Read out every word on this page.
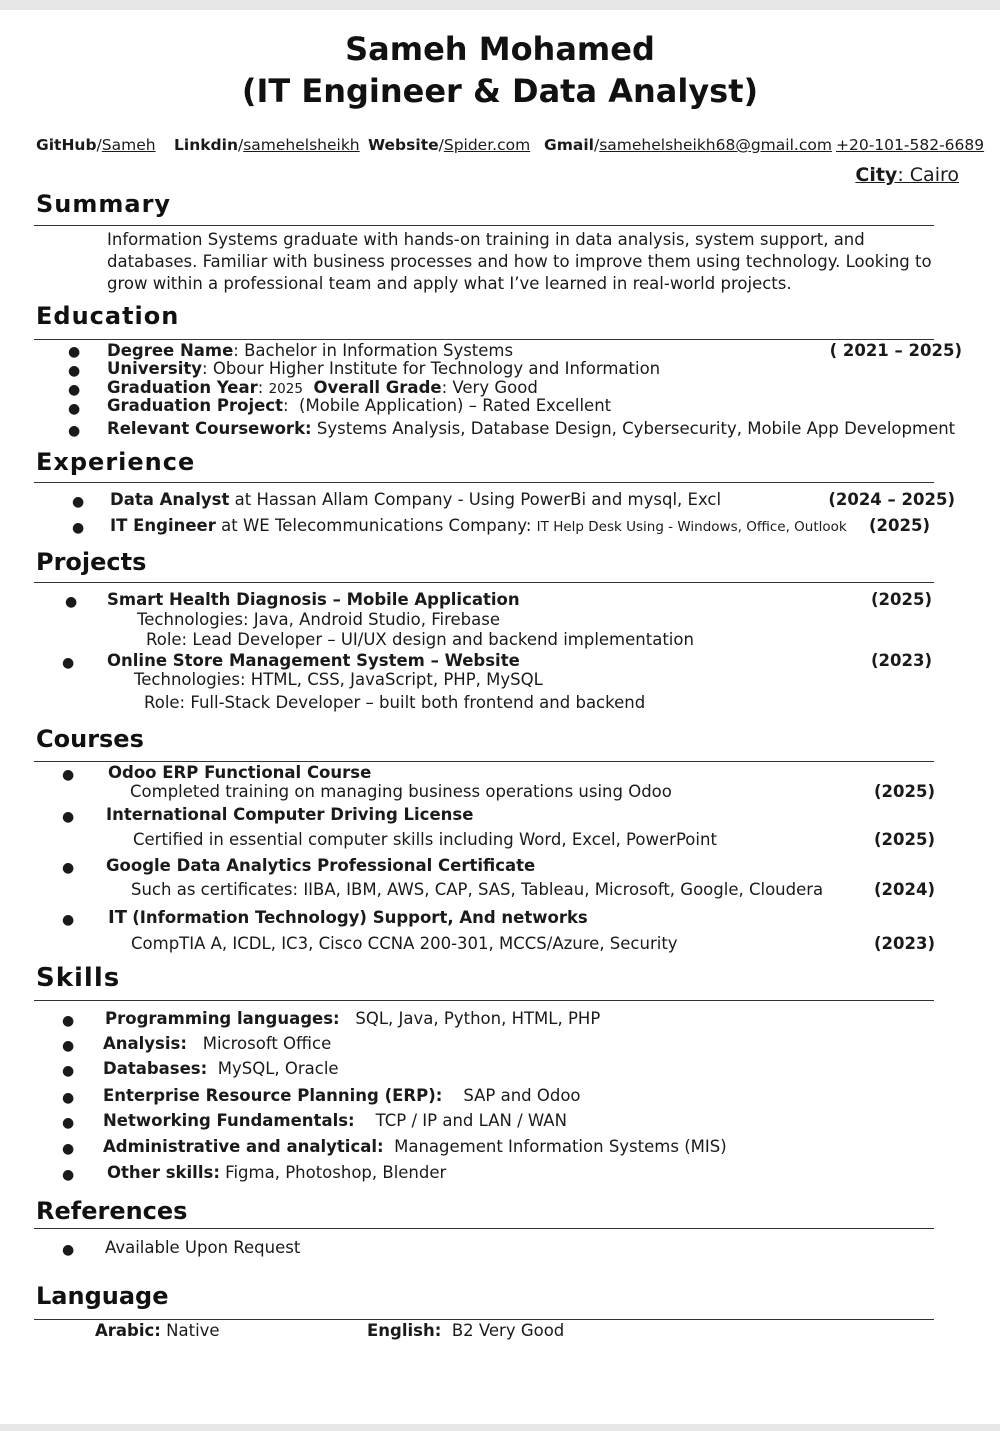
Sameh Mohamed
(IT Engineer & Data Analyst)
GitHub/Sameh Linkdin/samehelsheikh Website/Spider.com Gmail/samehelsheikh68@gmail.com +20-101-582-6689
City: Cairo
Summary
Information Systems graduate with hands-on training in data analysis, system support, and
databases. Familiar with business processes and how to improve them using technology. Looking to
grow within a professional team and apply what I’ve learned in real-world projects.
Education
● Degree Name: Bachelor in Information Systems	( 2021 – 2025)
● University: Obour Higher Institute for Technology and Information
● Graduation Year: 2025 Overall Grade: Very Good
● Graduation Project:  (Mobile Application) – Rated Excellent
● Relevant Coursework: Systems Analysis, Database Design, Cybersecurity, Mobile App Development
Experience
● Data Analyst at Hassan Allam Company - Using PowerBi and mysql, Excl	(2024 – 2025)
● IT Engineer at WE Telecommunications Company: IT Help Desk Using - Windows, Office, Outlook (2025)
Projects
● Smart Health Diagnosis – Mobile Application	(2025)
Technologies: Java, Android Studio, Firebase
Role: Lead Developer – UI/UX design and backend implementation
● Online Store Management System – Website	(2023)
Technologies: HTML, CSS, JavaScript, PHP, MySQL
Role: Full-Stack Developer – built both frontend and backend
Courses
● Odoo ERP Functional Course
Completed training on managing business operations using Odoo	(2025)
● International Computer Driving License
Certified in essential computer skills including Word, Excel, PowerPoint	(2025)
● Google Data Analytics Professional Certificate
Such as certificates: IIBA, IBM, AWS, CAP, SAS, Tableau, Microsoft, Google, Cloudera	(2024)
● IT (Information Technology) Support, And networks
CompTIA A, ICDL, IC3, Cisco CCNA 200-301, MCCS/Azure, Security	(2023)
Skills
● Programming languages: SQL, Java, Python, HTML, PHP
● Analysis: Microsoft Office
● Databases: MySQL, Oracle
● Enterprise Resource Planning (ERP): SAP and Odoo
● Networking Fundamentals: TCP / IP and LAN / WAN
● Administrative and analytical: Management Information Systems (MIS)
● Other skills: Figma, Photoshop, Blender
References
● Available Upon Request
Language
Arabic: Native	English: B2 Very Good
